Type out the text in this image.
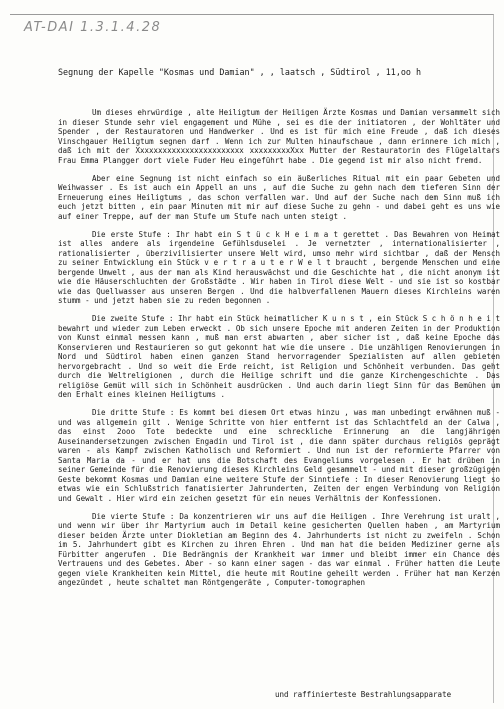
AT-DAI 1.3.1.4.28
Segnung der Kapelle "Kosmas und Damian" , , laatsch , Südtirol , 11,oo h

Um dieses ehrwürdige , alte Heiligtum der Heiligen Ärzte Kosmas und Damian versammelt sich in dieser Stunde sehr viel engagement und Mühe , sei es die der initiatoren , der Wohltäter und Spender , der Restauratoren und Handwerker . Und es ist für mich eine Freude , daß ich dieses Vinschgauer Heiligtum segnen darf . Wenn ich zur Multen hinaufschaue , dann erinnere ich mich , daß ich mit der Xxxxxxxxxxxxxxxxxxxxxxxx xxxxxxxxxXxx Mutter der Restauratorin des Flügelaltars Frau Emma Plangger dort viele Fuder Heu eingeführt habe . Die gegend ist mir also nicht fremd.

Aber eine Segnung ist nicht einfach so ein äußerliches Ritual mit ein paar Gebeten und Weihwasser . Es ist auch ein Appell an uns , auf die Suche zu gehn nach dem tieferen Sinn der Erneuerung eines Heiligtums , das schon verfallen war. Und auf der Suche nach dem Sinn muß ich euch jetzt bitten , ein paar Minuten mit mir auf diese Suche zu gehn - und dabei geht es uns wie auf einer Treppe, auf der man Stufe um Stufe nach unten steigt .

Die erste Stufe : Ihr habt ein S t ü c k H e i m a t gerettet . Das Bewahren von Heimat ist alles andere als irgendeine Gefühlsduselei . Je vernetzter , internationalisierter , rationalisierter , überzivilisierter unsere Welt wird, umso mehr wird sichtbar , daß der Mensch zu seiner Entwicklung ein Stück v e r t r a u t e r W e l t braucht , bergende Menschen und eine bergende Umwelt , aus der man als Kind herauswächst und die Geschichte hat , die nicht anonym ist wie die Häuserschluchten der Großstädte . Wir haben in Tirol diese Welt - und sie ist so kostbar wie das Quellwasser aus unseren Bergen . Und die halbverfallenen Mauern dieses Kirchleins waren stumm - und jetzt haben sie zu reden begonnen .

Die zweite Stufe : Ihr habt ein Stück heimatlicher K u n s t , ein Stück S c h ö n h e i t bewahrt und wieder zum Leben erweckt . Ob sich unsere Epoche mit anderen Zeiten in der Produktion von Kunst einmal messen kann , muß man erst abwarten , aber sicher ist , daß keine Epoche das Konservieren und Restaurieren so gut gekonnt hat wie die unsere . Die unzähligen Renovierungen in Nord und Südtirol haben einen ganzen Stand hervorragender Spezialisten auf allen gebieten hervorgebracht . Und so weit die Erde reicht, ist Religion und Schönheit verbunden. Das geht durch die Weltreligionen , durch die Heilige schrift und die ganze Kirchengeschichte . Das religiöse Gemüt will sich in Schönheit ausdrücken . Und auch darin liegt Sinn für das Bemühen um den Erhalt eines kleinen Heiligtums .

Die dritte Stufe : Es kommt bei diesem Ort etwas hinzu , was man unbedingt erwähnen muß - und was allgemein gilt . Wenige Schritte von hier entfernt ist das Schlachtfeld an der Calwa , das einst 2ooo Tote bedeckte und eine schreckliche Erinnerung an die langjährigen Auseinandersetzungen zwischen Engadin und Tirol ist , die dann später durchaus religiös geprägt waren - als Kampf zwischen Katholisch und Reformiert . Und nun ist der reformierte Pfarrer von Santa Maria da - und er hat uns die Botschaft des Evangeliums vorgelesen . Er hat drüben in seiner Gemeinde für die Renovierung dieses Kirchleins Geld gesammelt - und mit dieser großzügigen Geste bekommt Kosmas und Damian eine weitere Stufe der Sinntiefe : In dieser Renovierung liegt so etwas wie ein Schlußstrich fanatisierter Jahrunderten, Zeiten der engen Verbindung von Religion und Gewalt . Hier wird ein zeichen gesetzt für ein neues Verhältnis der Konfessionen.

Die vierte Stufe : Da konzentrieren wir uns auf die Heiligen . Ihre Verehrung ist uralt , und wenn wir über ihr Martyrium auch im Detail keine gesicherten Quellen haben , am Martyrium dieser beiden Ärzte unter Diokletian am Beginn des 4. Jahrhunderts ist nicht zu zweifeln . Schon im 5. Jahrhundert gibt es Kirchen zu ihren Ehren . Und man hat die beiden Mediziner gerne als Fürbitter angerufen . Die Bedrängnis der Krankheit war immer und bleibt immer ein Chance des Vertrauens und des Gebetes. Aber - so kann einer sagen - das war einmal . Früher hatten die Leute gegen viele Krankheiten kein Mittel, die heute mit Routine geheilt werden . Früher hat man Kerzen angezündet , heute schaltet man Röntgengeräte , Computer-tomographen

und raffinierteste Bestrahlungsapparate
